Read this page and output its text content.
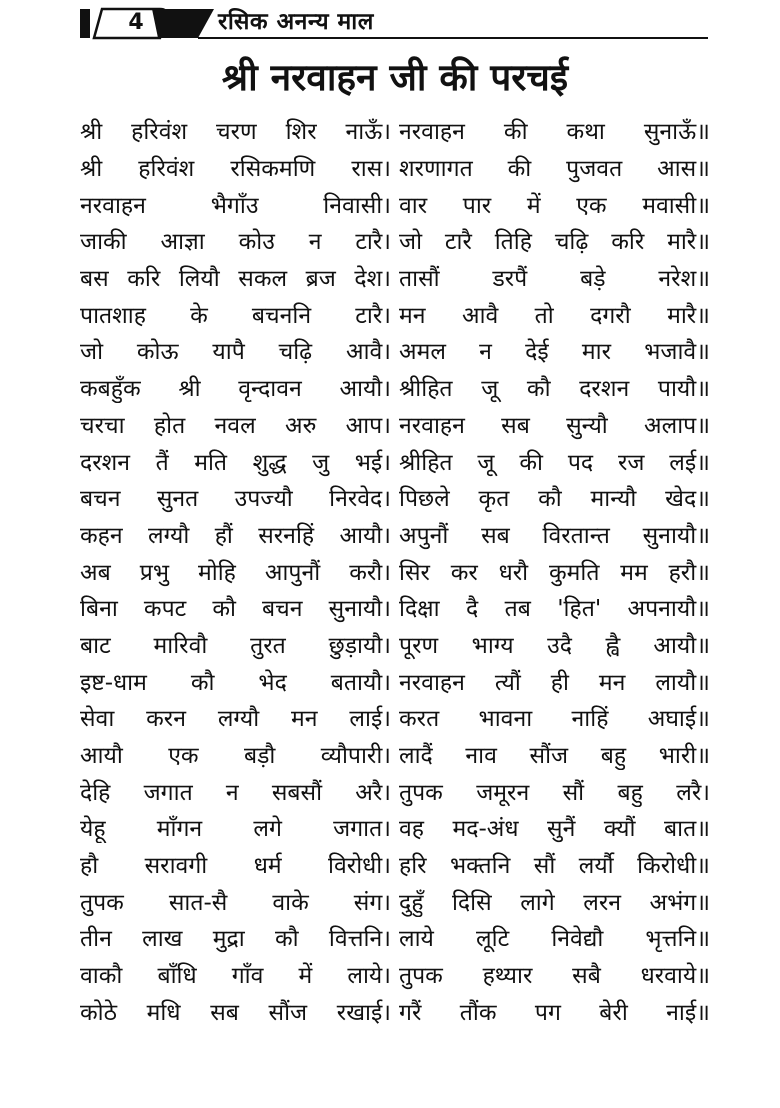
4	रसिक अनन्य माल
श्री नरवाहन जी की परचई
श्री हरिवंश चरण शिर नाऊँ। नरवाहन की कथा सुनाऊँ॥
श्री हरिवंश रसिकमणि रास। शरणागत की पुजवत आस॥
नरवाहन	भैगाँउ	निवासी। वार पार में एक मवासी॥
जाकी आज्ञा कोउ न टारै। जो टारै तिहि चढ़ि करि मारै॥
बस करि लियौ सकल ब्रज देश। तासौं डरपैं बड़े नरेश॥
पातशाह के बचननि टारै। मन आवै तो दगरौ मारै॥
जो कोऊ यापै चढ़ि आवै। अमल न देई मार भजावै॥
कबहुँक श्री वृन्दावन आयौ। श्रीहित जू कौ दरशन पायौ॥
चरचा होत नवल अरु आप। नरवाहन सब सुन्यौ अलाप॥
दरशन तैं मति शुद्ध जु भई। श्रीहित जू की पद रज लई॥
बचन सुनत उपज्यौ निरवेद। पिछले कृत कौ मान्यौ खेद॥
कहन लग्यौ हौं सरनहिं आयौ। अपुनौं सब विरतान्त सुनायौ॥
अब प्रभु मोहि आपुनौं करौ। सिर कर धरौ कुमति मम हरौ॥
बिना कपट कौ बचन सुनायौ। दिक्षा दै तब 'हित' अपनायौ॥
बाट मारिवौ तुरत छुड़ायौ। पूरण भाग्य उदै ह्वै आयौ॥
इष्ट-धाम कौ भेद बतायौ। नरवाहन त्यौं ही मन लायौ॥
सेवा करन लग्यौ मन लाई। करत भावना नाहिं अघाई॥
आयौ एक बड़ौ व्यौपारी। लादैं नाव सौंज बहु भारी॥
देहि जगात न सबसौं अरै। तुपक जमूरन सौं बहु लरै।
येहू माँगन लगे जगात। वह मद-अंध सुनैं क्यौं बात॥
हौ सरावगी धर्म विरोधी। हरि भक्तनि सौं लर्यौ किरोधी॥
तुपक सात-सै वाके संग। दुहुँ दिसि लागे लरन अभंग॥
तीन लाख मुद्रा कौ वित्तनि। लाये लूटि निवेद्यौ भृत्तनि॥
वाकौ बाँधि गाँव में लाये। तुपक हथ्यार सबै धरवाये॥
कोठे मधि सब सौंज रखाई। गरैं तौंक पग बेरी नाई॥
